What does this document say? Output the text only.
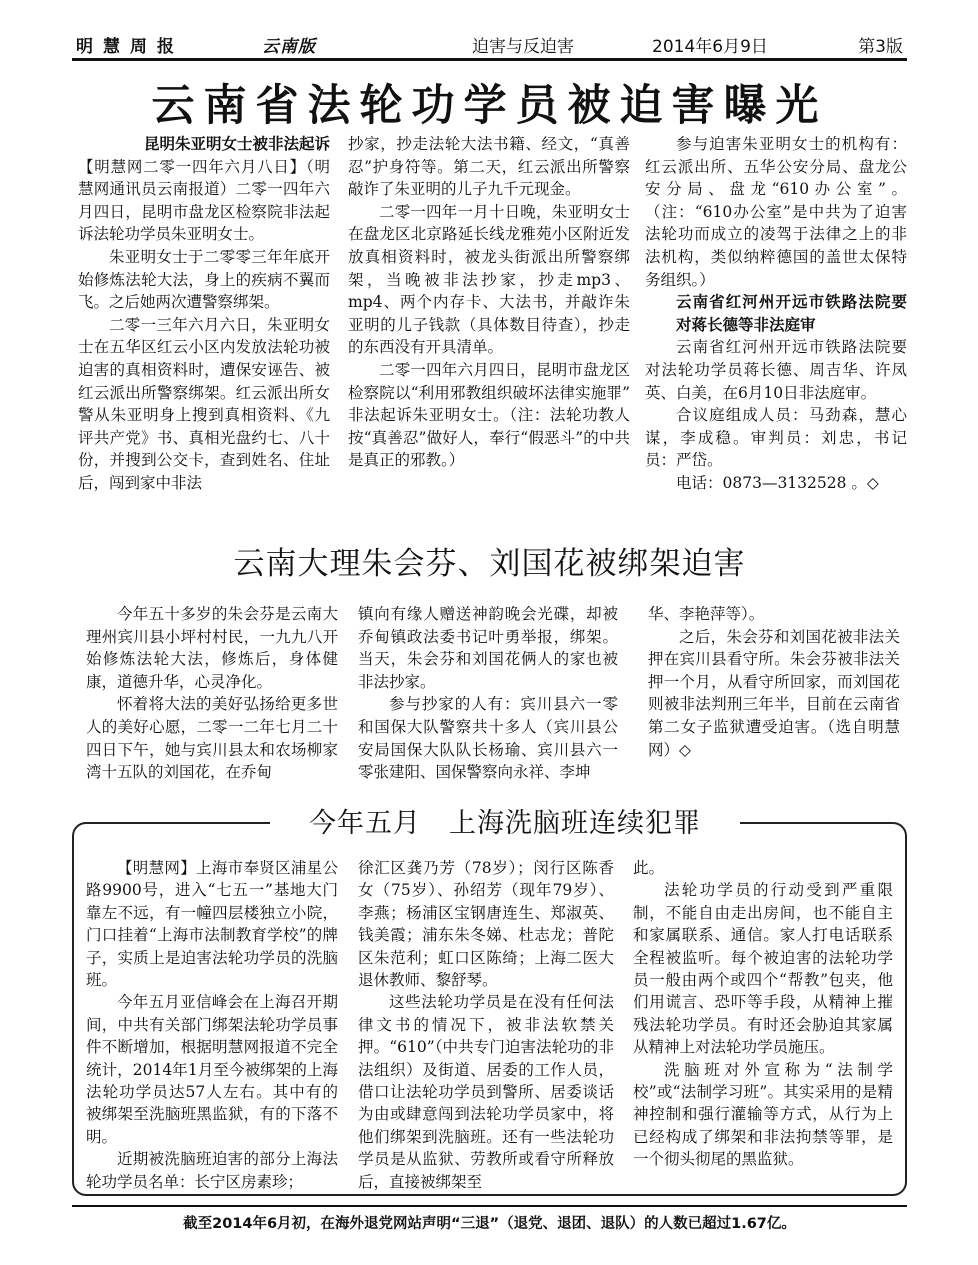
明慧周报	云南版	迫害与反迫害	2014年6月9日	第3版
云南省法轮功学员被迫害曝光

昆明朱亚明女士被非法起诉

【明慧网二零一四年六月八日】（明慧网通讯员云南报道）二零一四年六月四日，昆明市盘龙区检察院非法起诉法轮功学员朱亚明女士。

朱亚明女士于二零零三年年底开始修炼法轮大法，身上的疾病不翼而飞。之后她两次遭警察绑架。

二零一三年六月六日，朱亚明女士在五华区红云小区内发放法轮功被迫害的真相资料时，遭保安诬告、被红云派出所警察绑架。红云派出所女警从朱亚明身上搜到真相资料、《九评共产党》书、真相光盘约七、八十份，并搜到公交卡，查到姓名、住址后，闯到家中非法

抄家，抄走法轮大法书籍、经文，“真善忍”护身符等。第二天，红云派出所警察敲诈了朱亚明的儿子九千元现金。

二零一四年一月十日晚，朱亚明女士在盘龙区北京路延长线龙雅苑小区附近发放真相资料时，被龙头街派出所警察绑架，当晚被非法抄家，抄走mp3、mp4、两个内存卡、大法书，并敲诈朱亚明的儿子钱款（具体数目待查），抄走的东西没有开具清单。

二零一四年六月四日，昆明市盘龙区检察院以“利用邪教组织破坏法律实施罪” 非法起诉朱亚明女士。（注：法轮功教人按“真善忍”做好人，奉行“假恶斗”的中共是真正的邪教。）

参与迫害朱亚明女士的机构有：红云派出所、五华公安分局、盘龙公安分局、盘龙“610办公室”。（注：“610办公室”是中共为了迫害法轮功而成立的凌驾于法律之上的非法机构，类似纳粹德国的盖世太保特务组织。）

云南省红河州开远市铁路法院要对蒋长德等非法庭审

云南省红河州开远市铁路法院要对法轮功学员蒋长德、周吉华、许凤英、白美，在6月10日非法庭审。

合议庭组成人员：马劲森，慧心谋，李成稳。审判员：刘忠，书记员：严岱。

电话：0873—3132528 。◇

云南大理朱会芬、刘国花被绑架迫害

今年五十多岁的朱会芬是云南大理州宾川县小坪村村民，一九九八开始修炼法轮大法，修炼后，身体健康，道德升华，心灵净化。

怀着将大法的美好弘扬给更多世人的美好心愿，二零一二年七月二十四日下午，她与宾川县太和农场柳家湾十五队的刘国花，在乔甸

镇向有缘人赠送神韵晚会光碟，却被乔甸镇政法委书记叶勇举报，绑架。当天，朱会芬和刘国花俩人的家也被非法抄家。

参与抄家的人有：宾川县六一零和国保大队警察共十多人（宾川县公安局国保大队队长杨瑜、宾川县六一零张建阳、国保警察向永祥、李坤

华、李艳萍等）。

之后，朱会芬和刘国花被非法关押在宾川县看守所。朱会芬被非法关押一个月，从看守所回家，而刘国花则被非法判刑三年半，目前在云南省第二女子监狱遭受迫害。（选自明慧网）◇

今年五月　上海洗脑班连续犯罪

【明慧网】上海市奉贤区浦星公路9900号，进入“七五一”基地大门靠左不远，有一幢四层楼独立小院，门口挂着“上海市法制教育学校”的牌子，实质上是迫害法轮功学员的洗脑班。

今年五月亚信峰会在上海召开期间，中共有关部门绑架法轮功学员事件不断增加，根据明慧网报道不完全统计，2014年1月至今被绑架的上海法轮功学员达57人左右。其中有的被绑架至洗脑班黑监狱，有的下落不明。

近期被洗脑班迫害的部分上海法轮功学员名单：长宁区房素珍；

徐汇区龚乃芳（78岁）；闵行区陈香女（75岁）、孙绍芳（现年79岁）、李燕；杨浦区宝钢唐连生、郑淑英、钱美霞；浦东朱冬娣、杜志龙；普陀区朱范利；虹口区陈绮；上海二医大退休教师、黎舒琴。

这些法轮功学员是在没有任何法律文书的情况下，被非法软禁关押。“610”（中共专门迫害法轮功的非法组织）及街道、居委的工作人员，借口让法轮功学员到警所、居委谈话为由或肆意闯到法轮功学员家中，将他们绑架到洗脑班。还有一些法轮功学员是从监狱、劳教所或看守所释放后，直接被绑架至

此。

法轮功学员的行动受到严重限制，不能自由走出房间，也不能自主和家属联系、通信。家人打电话联系全程被监听。每个被迫害的法轮功学员一般由两个或四个“帮教”包夹，他们用谎言、恐吓等手段，从精神上摧残法轮功学员。有时还会胁迫其家属从精神上对法轮功学员施压。

洗脑班对外宣称为“法制学校”或“法制学习班”。其实采用的是精神控制和强行灌输等方式，从行为上已经构成了绑架和非法拘禁等罪，是一个彻头彻尾的黑监狱。

截至2014年6月初，在海外退党网站声明“三退”（退党、退团、退队）的人数已超过1.67亿。
